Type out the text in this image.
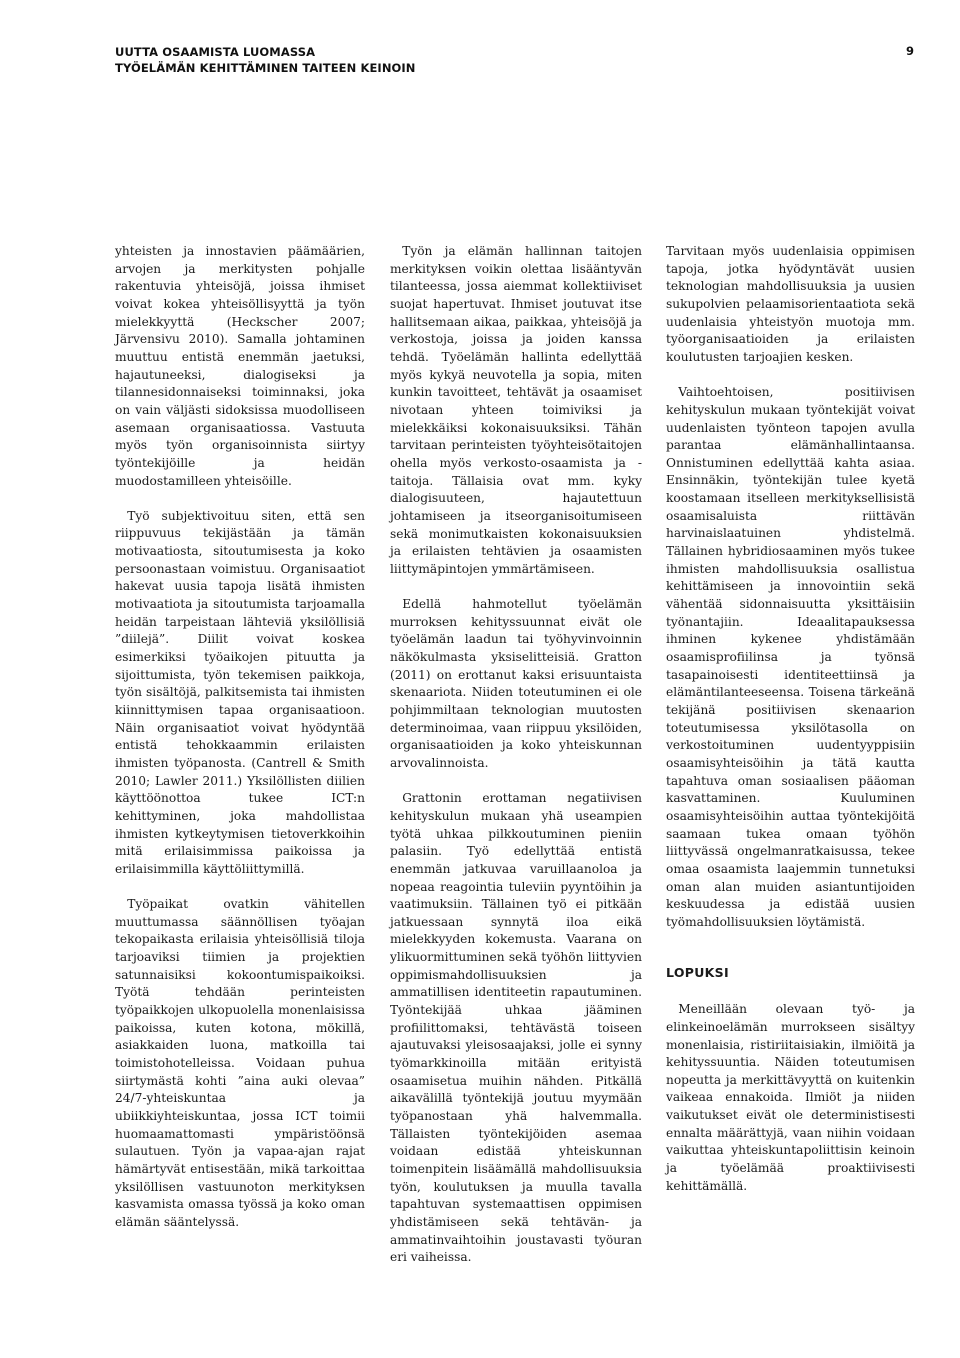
UUTTA OSAAMISTA LUOMASSA
TYÖELÄMÄN KEHITTÄMINEN TAITEEN KEINOIN
9

yhteisten ja innostavien päämäärien, arvojen ja merkitysten pohjalle rakentuvia yhteisöjä, joissa ihmiset voivat kokea yhteisöllisyyttä ja työn mielekkyyttä (Heckscher 2007; Järvensivu 2010). Samalla johtaminen muuttuu entistä enemmän jaetuksi, hajautuneeksi, dialogiseksi ja tilannesidonnaiseksi toiminnaksi, joka on vain väljästi sidoksissa muodolliseen asemaan organisaatiossa. Vastuuta myös työn organisoinnista siirtyy työntekijöille ja heidän muodostamilleen yhteisöille.

Työ subjektivoituu siten, että sen riippuvuus tekijästään ja tämän motivaatiosta, sitoutumisesta ja koko persoonastaan voimistuu. Organisaatiot hakevat uusia tapoja lisätä ihmisten motivaatiota ja sitoutumista tarjoamalla heidän tarpeistaan lähteviä yksilöllisiä ”diilejä”. Diilit voivat koskea esimerkiksi työaikojen pituutta ja sijoittumista, työn tekemisen paikkoja, työn sisältöjä, palkitsemista tai ihmisten kiinnittymisen tapaa organisaatioon. Näin organisaatiot voivat hyödyntää entistä tehokkaammin erilaisten ihmisten työpanosta. (Cantrell & Smith 2010; Lawler 2011.) Yksilöllisten diilien käyttöönottoa tukee ICT:n kehittyminen, joka mahdollistaa ihmisten kytkeytymisen tietoverkkoihin mitä erilaisimmissa paikoissa ja erilaisimmilla käyttöliittymillä.

Työpaikat ovatkin vähitellen muuttumassa säännöllisen työajan tekopaikasta erilaisia yhteisöllisiä tiloja tarjoaviksi tiimien ja projektien satunnaisiksi kokoontumispaikoiksi. Työtä tehdään perinteisten työpaikkojen ulkopuolella monenlaisissa paikoissa, kuten kotona, mökillä, asiakkaiden luona, matkoilla tai toimistohotelleissa. Voidaan puhua siirtymästä kohti ”aina auki olevaa” 24/7-yhteiskuntaa ja ubiikkiyhteiskuntaa, jossa ICT toimii huomaamattomasti ympäristöönsä sulautuen. Työn ja vapaa-ajan rajat hämärtyvät entisestään, mikä tarkoittaa yksilöllisen vastuunoton merkityksen kasvamista omassa työssä ja koko oman elämän sääntelyssä.

Työn ja elämän hallinnan taitojen merkityksen voikin olettaa lisääntyvän tilanteessa, jossa aiemmat kollektiiviset suojat hapertuvat. Ihmiset joutuvat itse hallitsemaan aikaa, paikkaa, yhteisöjä ja verkostoja, joissa ja joiden kanssa tehdä. Työelämän hallinta edellyttää myös kykyä neuvotella ja sopia, miten kunkin tavoitteet, tehtävät ja osaamiset nivotaan yhteen toimiviksi ja mielekkäiksi kokonaisuuksiksi. Tähän tarvitaan perinteisten työyhteisötaitojen ohella myös verkosto-osaamista ja -taitoja. Tällaisia ovat mm. kyky dialogisuuteen, hajautettuun johtamiseen ja itseorganisoitumiseen sekä monimutkaisten kokonaisuuksien ja erilaisten tehtävien ja osaamisten liittymäpintojen ymmärtämiseen.

Edellä hahmotellut työelämän murroksen kehityssuunnat eivät ole työelämän laadun tai työhyvinvoinnin näkökulmasta yksiselitteisiä. Gratton (2011) on erottanut kaksi erisuuntaista skenaariota. Niiden toteutuminen ei ole pohjimmiltaan teknologian muutosten determinoimaa, vaan riippuu yksilöiden, organisaatioiden ja koko yhteiskunnan arvovalinnoista.

Grattonin erottaman negatiivisen kehityskulun mukaan yhä useampien työtä uhkaa pilkkoutuminen pieniin palasiin. Työ edellyttää entistä enemmän jatkuvaa varuillaanoloa ja nopeaa reagointia tuleviin pyyntöihin ja vaatimuksiin. Tällainen työ ei pitkään jatkuessaan synnytä iloa eikä mielekkyyden kokemusta. Vaarana on ylikuormittuminen sekä työhön liittyvien oppimismahdollisuuksien ja ammatillisen identiteetin rapautuminen. Työntekijää uhkaa jääminen profiilittomaksi, tehtävästä toiseen ajautuvaksi yleisosaajaksi, jolle ei synny työmarkkinoilla mitään erityistä osaamisetua muihin nähden. Pitkällä aikavälillä työntekijä joutuu myymään työpanostaan yhä halvemmalla. Tällaisten työntekijöiden asemaa voidaan edistää yhteiskunnan toimenpitein lisäämällä mahdollisuuksia työn, koulutuksen ja muulla tavalla tapahtuvan systemaattisen oppimisen yhdistämiseen sekä tehtävän- ja ammatinvaihtoihin joustavasti työuran eri vaiheissa.

Tarvitaan myös uudenlaisia oppimisen tapoja, jotka hyödyntävät uusien teknologian mahdollisuuksia ja uusien sukupolvien pelaamisorientaatiota sekä uudenlaisia yhteistyön muotoja mm. työorganisaatioiden ja erilaisten koulutusten tarjoajien kesken.

Vaihtoehtoisen, positiivisen kehityskulun mukaan työntekijät voivat uudenlaisten työnteon tapojen avulla parantaa elämänhallintaansa. Onnistuminen edellyttää kahta asiaa. Ensinnäkin, työntekijän tulee kyetä koostamaan itselleen merkityksellisistä osaamisaluista riittävän harvinaislaatuinen yhdistelmä. Tällainen hybridiosaaminen myös tukee ihmisten mahdollisuuksia osallistua kehittämiseen ja innovointiin sekä vähentää sidonnaisuutta yksittäisiin työnantajiin. Ideaalitapauksessa ihminen kykenee yhdistämään osaamisprofiilinsa ja työnsä tasapainoisesti identiteettiinsä ja elämäntilanteeseensa. Toisena tärkeänä tekijänä positiivisen skenaarion toteutumisessa yksilötasolla on verkostoituminen uudentyyppisiin osaamisyhteisöihin ja tätä kautta tapahtuva oman sosiaalisen pääoman kasvattaminen. Kuuluminen osaamisyhteisöihin auttaa työntekijöitä saamaan tukea omaan työhön liittyvässä ongelmanratkaisussa, tekee omaa osaamista laajemmin tunnetuksi oman alan muiden asiantuntijoiden keskuudessa ja edistää uusien työmahdollisuuksien löytämistä.

LOPUKSI

Meneillään olevaan työ- ja elinkeinoelämän murrokseen sisältyy monenlaisia, ristiriitaisiakin, ilmiöitä ja kehityssuuntia. Näiden toteutumisen nopeutta ja merkittävyyttä on kuitenkin vaikeaa ennakoida. Ilmiöt ja niiden vaikutukset eivät ole deterministisesti ennalta määrättyjä, vaan niihin voidaan vaikuttaa yhteiskuntapoliittisin keinoin ja työelämää proaktiivisesti kehittämällä.
